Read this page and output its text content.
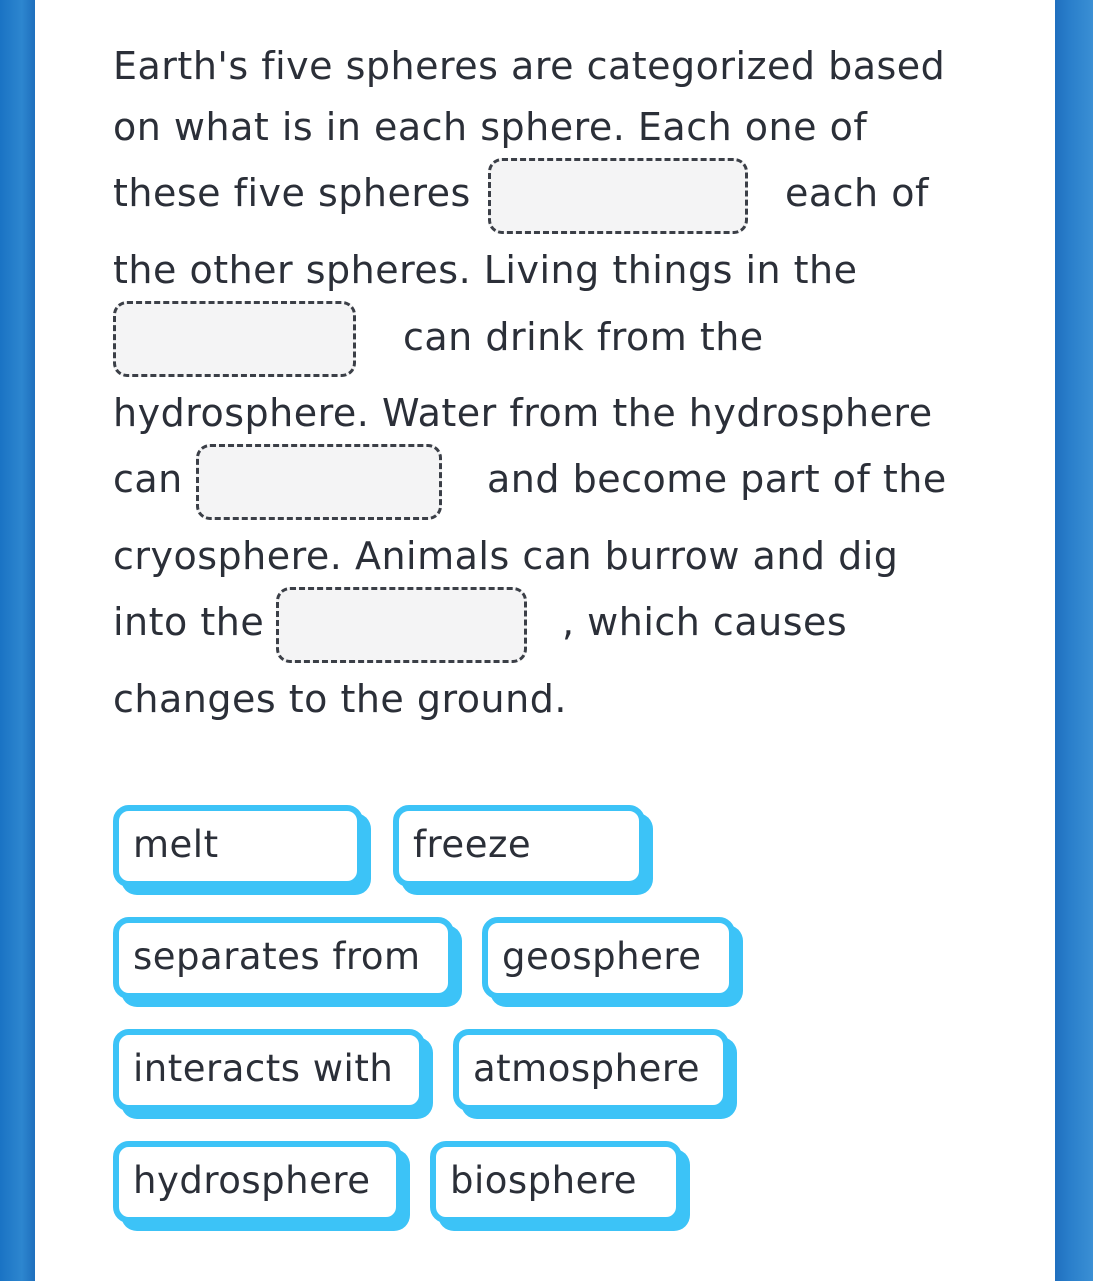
Earth's five spheres are categorized based
on what is in each sphere. Each one of
these five spheres	each of
the other spheres. Living things in the
can drink from the
hydrosphere. Water from the hydrosphere
can	and become part of the
cryosphere. Animals can burrow and dig
into the	, which causes
changes to the ground.
melt	freeze
separates from	geosphere
interacts with	atmosphere
hydrosphere	biosphere
